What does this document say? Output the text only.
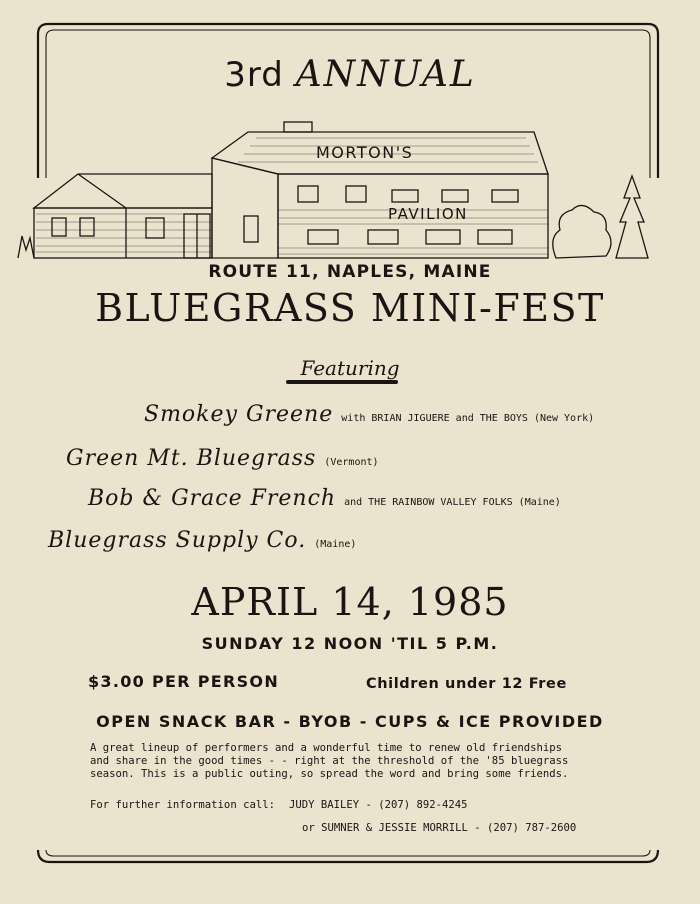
3rd ANNUAL
MORTON'S
PAVILION
ROUTE 11, NAPLES, MAINE
BLUEGRASS MINI-FEST
Featuring
Smokey Greene with BRIAN JIGUERE and THE BOYS (New York)
Green Mt. Bluegrass (Vermont)
Bob & Grace French and THE RAINBOW VALLEY FOLKS (Maine)
Bluegrass Supply Co. (Maine)
APRIL 14, 1985
SUNDAY 12 NOON 'TIL 5 P.M.
$3.00 PER PERSON	Children under 12 Free
OPEN SNACK BAR - BYOB - CUPS & ICE PROVIDED
A great lineup of performers and a wonderful time to renew old friendships
and share in the good times - - right at the threshold of the '85 bluegrass
season. This is a public outing, so spread the word and bring some friends.
For further information call: JUDY BAILEY - (207) 892-4245
or SUMNER & JESSIE MORRILL - (207) 787-2600
